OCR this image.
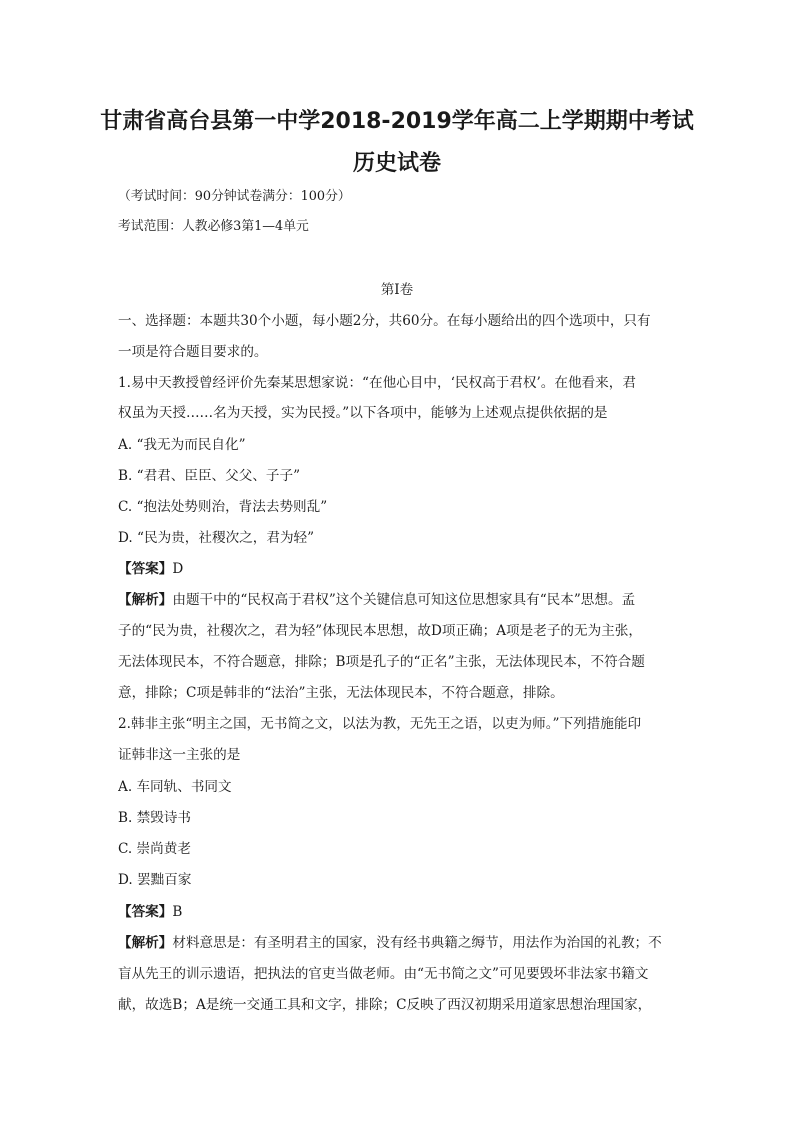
甘肃省高台县第一中学2018-2019学年高二上学期期中考试
历史试卷
（考试时间：90分钟试卷满分：100分）
考试范围：人教必修3第1—4单元
第Ⅰ卷
一、选择题：本题共30个小题，每小题2分，共60分。在每小题给出的四个选项中，只有
一项是符合题目要求的。
1.易中天教授曾经评价先秦某思想家说：“在他心目中，‘民权高于君权’。在他看来，君
权虽为天授……名为天授，实为民授。”以下各项中，能够为上述观点提供依据的是
A. “我无为而民自化”
B. “君君、臣臣、父父、子子”
C. “抱法处势则治，背法去势则乱”
D. “民为贵，社稷次之，君为轻”
【答案】D
【解析】由题干中的“民权高于君权”这个关键信息可知这位思想家具有“民本”思想。孟
子的“民为贵，社稷次之，君为轻”体现民本思想，故D项正确；A项是老子的无为主张，
无法体现民本，不符合题意，排除；B项是孔子的“正名”主张，无法体现民本，不符合题
意，排除；C项是韩非的“法治”主张，无法体现民本，不符合题意，排除。
2.韩非主张“明主之国，无书简之文，以法为教，无先王之语，以吏为师。”下列措施能印
证韩非这一主张的是
A. 车同轨、书同文
B. 禁毁诗书
C. 崇尚黄老
D. 罢黜百家
【答案】B
【解析】材料意思是：有圣明君主的国家，没有经书典籍之缛节，用法作为治国的礼教；不
盲从先王的训示遗语，把执法的官吏当做老师。由“无书简之文”可见要毁坏非法家书籍文
献，故选B；A是统一交通工具和文字，排除；C反映了西汉初期采用道家思想治理国家，
